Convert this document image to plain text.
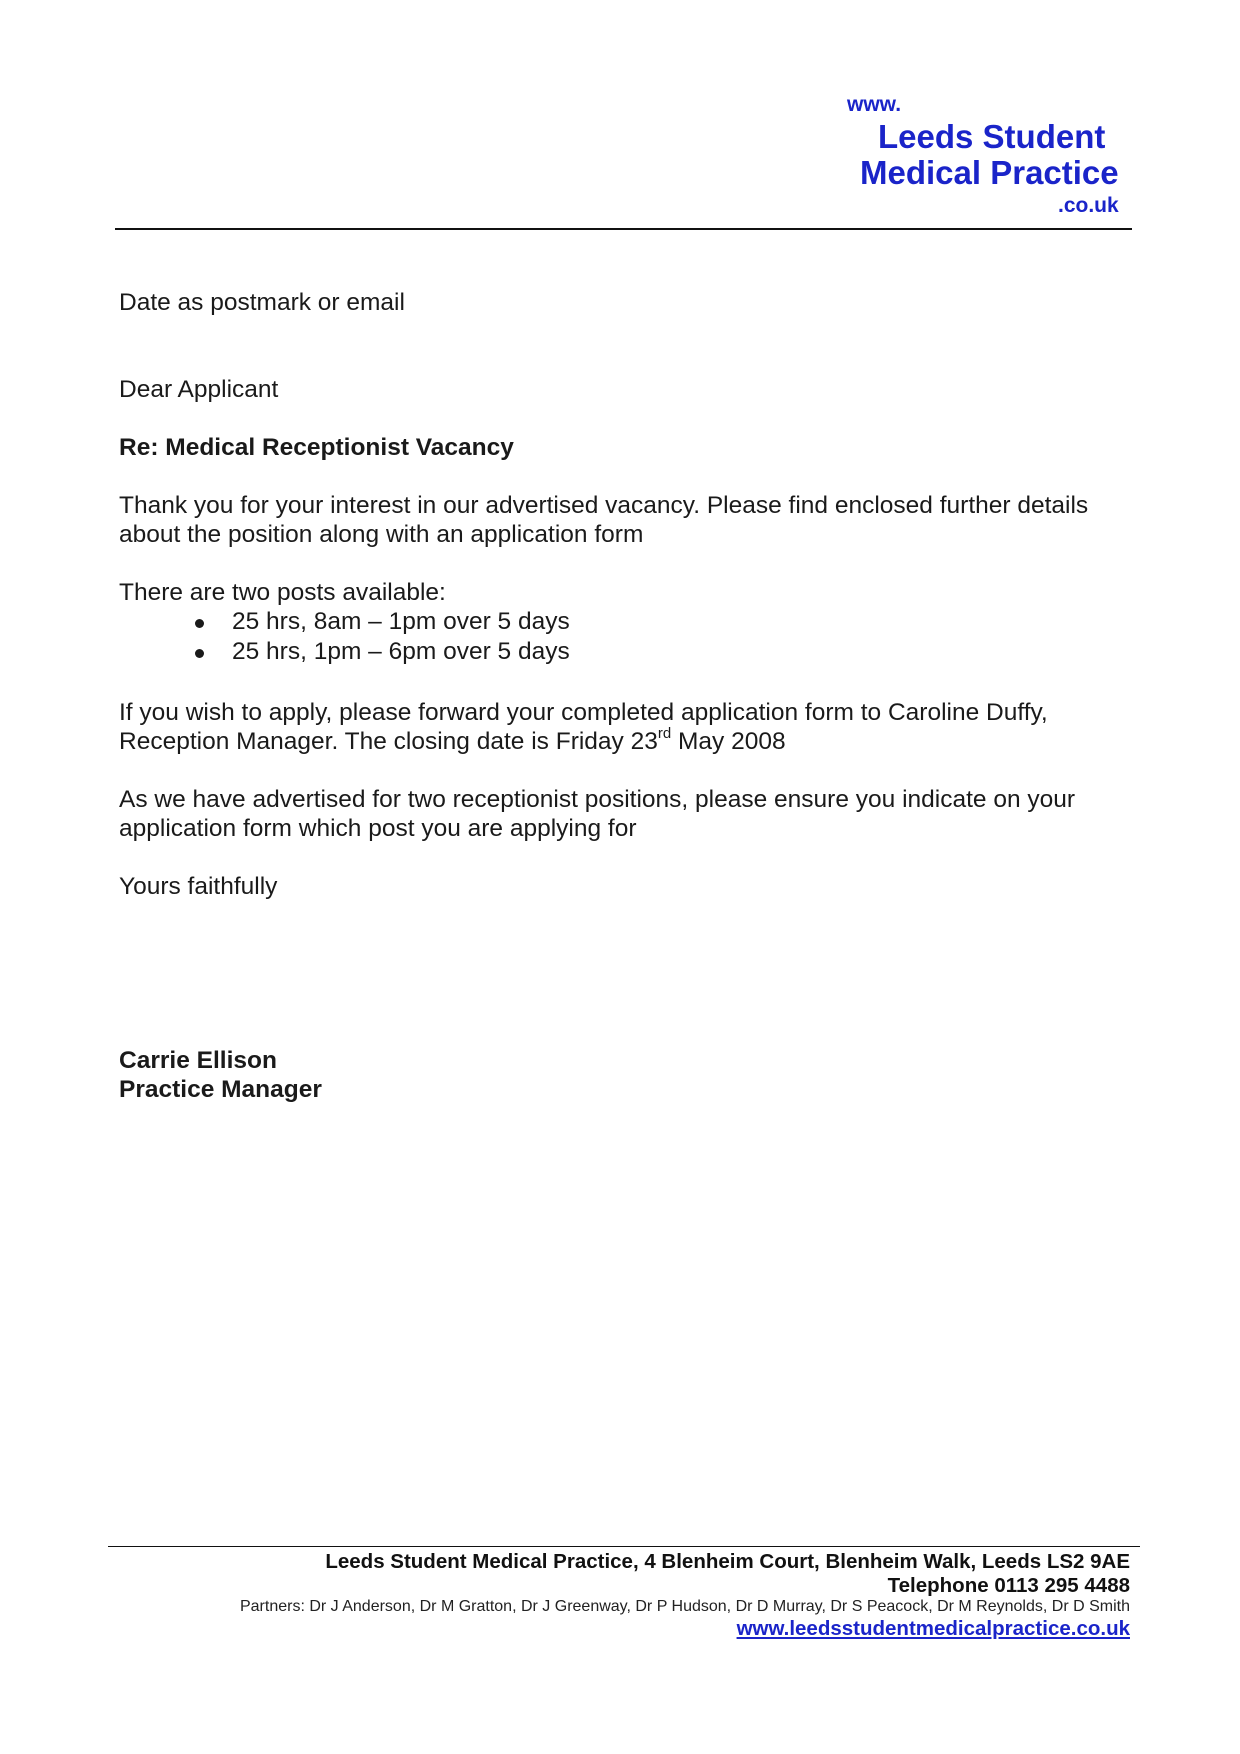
www.
Leeds Student
Medical Practice
.co.uk
Date as postmark or email
Dear Applicant
Re: Medical Receptionist Vacancy
Thank you for your interest in our advertised vacancy. Please find enclosed further details
about the position along with an application form
There are two posts available:
25 hrs, 8am – 1pm over 5 days
25 hrs, 1pm – 6pm over 5 days
If you wish to apply, please forward your completed application form to Caroline Duffy,
Reception Manager. The closing date is Friday 23rd May 2008
As we have advertised for two receptionist positions, please ensure you indicate on your
application form which post you are applying for
Yours faithfully
Carrie Ellison
Practice Manager
Leeds Student Medical Practice, 4 Blenheim Court, Blenheim Walk, Leeds LS2 9AE
Telephone 0113 295 4488
Partners: Dr J Anderson, Dr M Gratton, Dr J Greenway, Dr P Hudson, Dr D Murray, Dr S Peacock, Dr M Reynolds, Dr D Smith
www.leedsstudentmedicalpractice.co.uk
